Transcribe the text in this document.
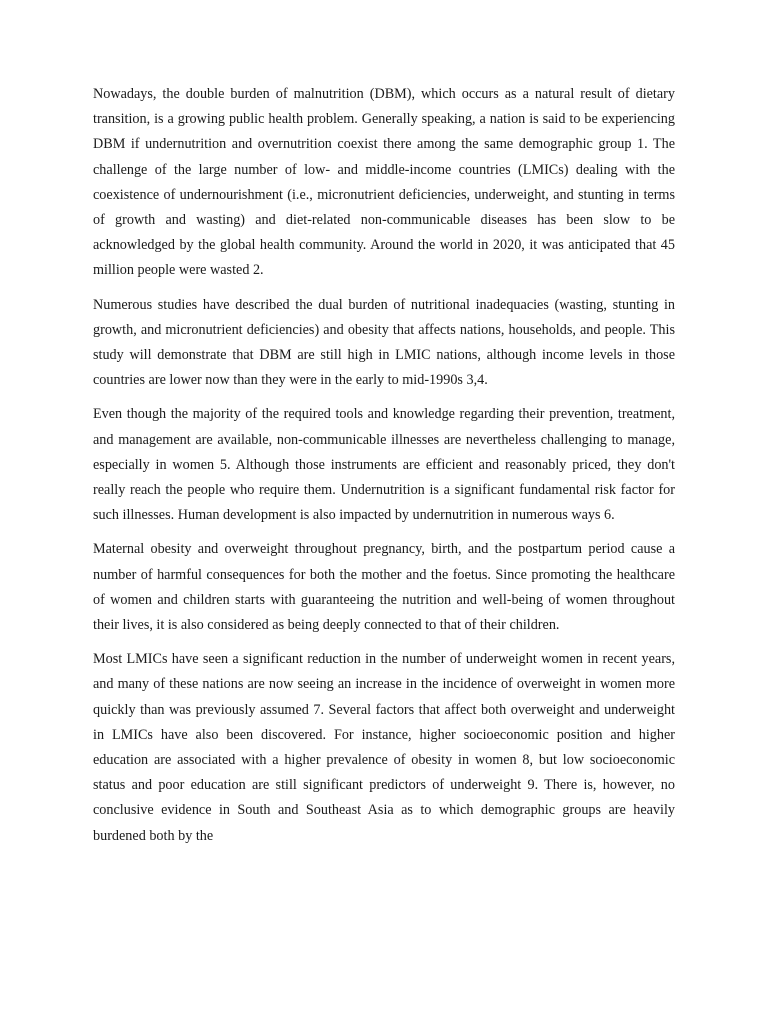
Nowadays, the double burden of malnutrition (DBM), which occurs as a natural result of dietary transition, is a growing public health problem. Generally speaking, a nation is said to be experiencing DBM if undernutrition and overnutrition coexist there among the same demographic group 1. The challenge of the large number of low- and middle-income countries (LMICs) dealing with the coexistence of undernourishment (i.e., micronutrient deficiencies, underweight, and stunting in terms of growth and wasting) and diet-related non-communicable diseases has been slow to be acknowledged by the global health community. Around the world in 2020, it was anticipated that 45 million people were wasted 2.

Numerous studies have described the dual burden of nutritional inadequacies (wasting, stunting in growth, and micronutrient deficiencies) and obesity that affects nations, households, and people. This study will demonstrate that DBM are still high in LMIC nations, although income levels in those countries are lower now than they were in the early to mid-1990s 3,4.

Even though the majority of the required tools and knowledge regarding their prevention, treatment, and management are available, non-communicable illnesses are nevertheless challenging to manage, especially in women 5. Although those instruments are efficient and reasonably priced, they don't really reach the people who require them. Undernutrition is a significant fundamental risk factor for such illnesses. Human development is also impacted by undernutrition in numerous ways 6.

Maternal obesity and overweight throughout pregnancy, birth, and the postpartum period cause a number of harmful consequences for both the mother and the foetus. Since promoting the healthcare of women and children starts with guaranteeing the nutrition and well-being of women throughout their lives, it is also considered as being deeply connected to that of their children.

Most LMICs have seen a significant reduction in the number of underweight women in recent years, and many of these nations are now seeing an increase in the incidence of overweight in women more quickly than was previously assumed 7. Several factors that affect both overweight and underweight in LMICs have also been discovered. For instance, higher socioeconomic position and higher education are associated with a higher prevalence of obesity in women 8, but low socioeconomic status and poor education are still significant predictors of underweight 9. There is, however, no conclusive evidence in South and Southeast Asia as to which demographic groups are heavily burdened both by the
